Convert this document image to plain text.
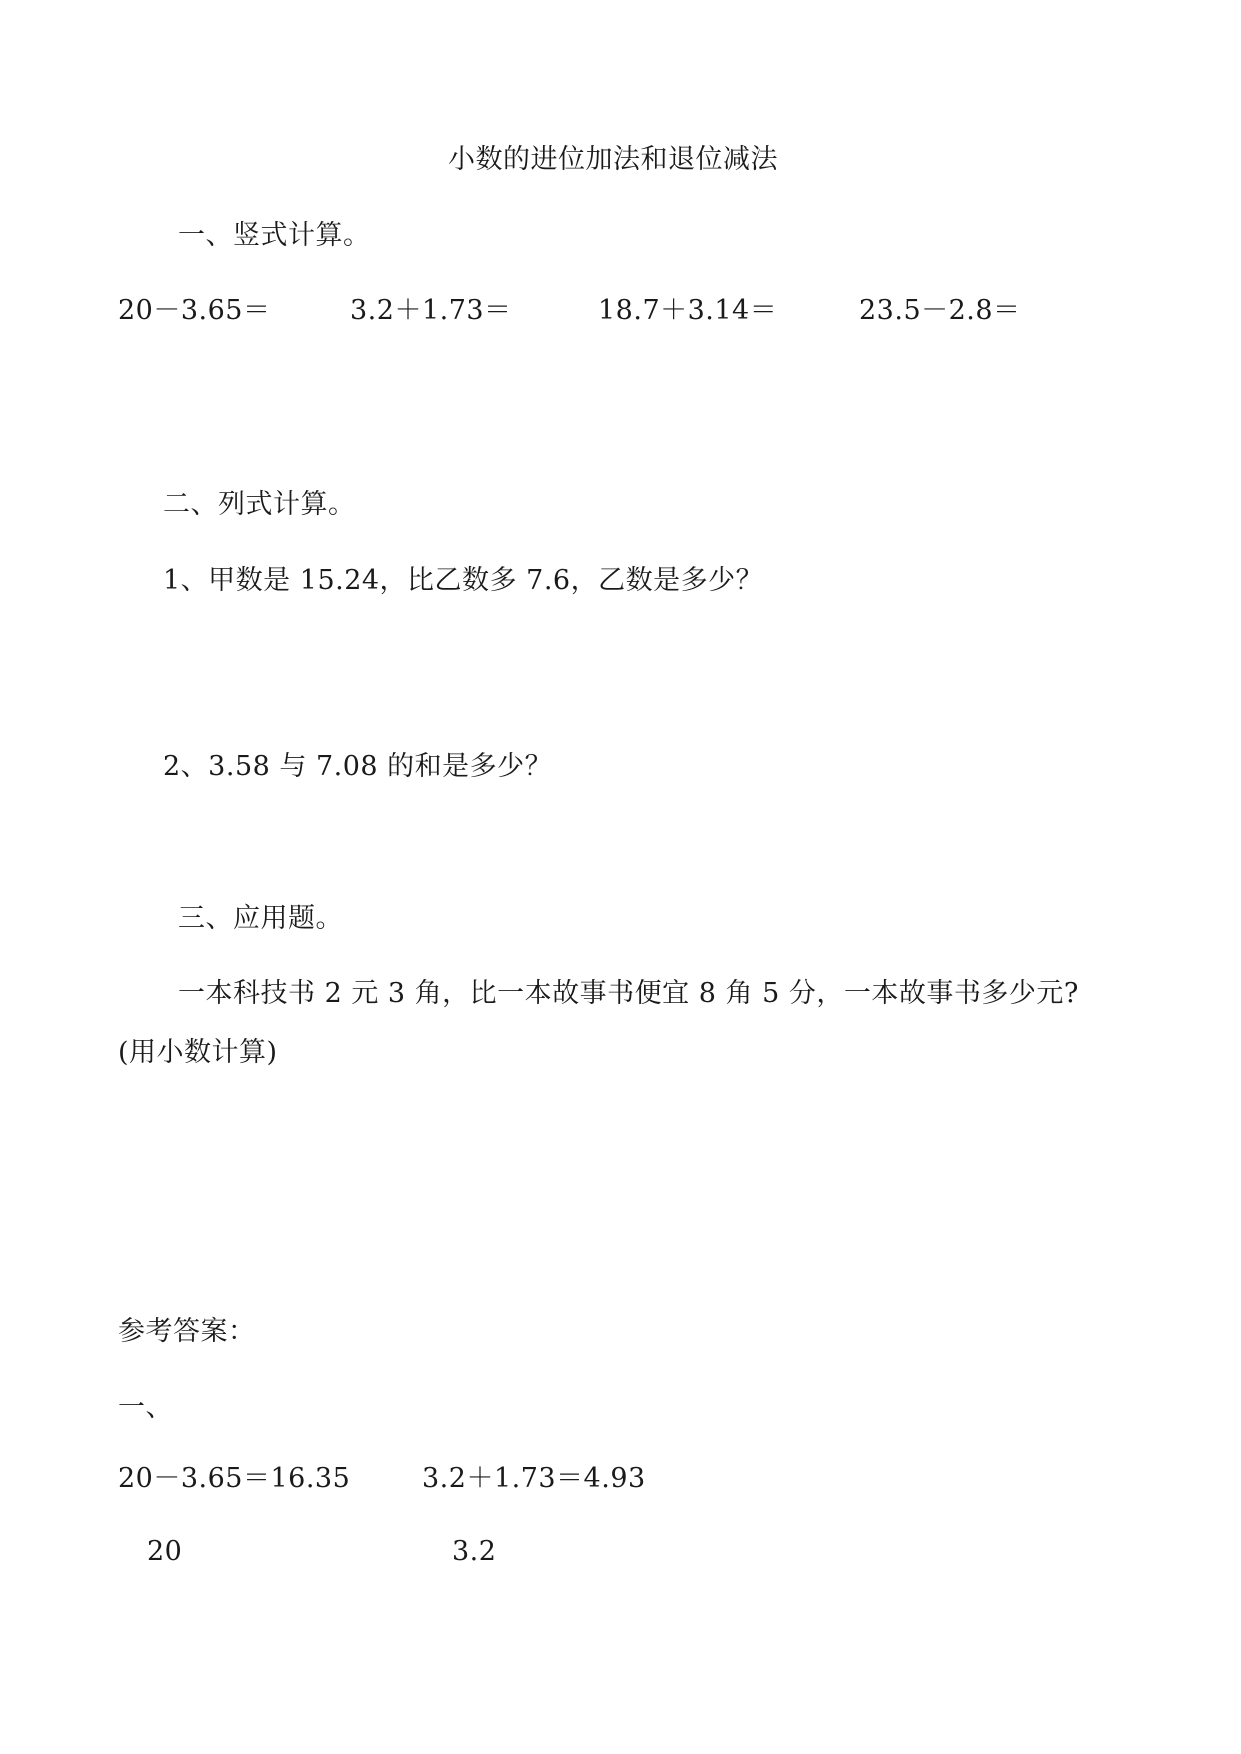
小数的进位加法和退位减法
一、竖式计算。
20－3.65＝	3.2＋1.73＝	18.7＋3.14＝	23.5－2.8＝
二、列式计算。
1、甲数是 15.24，比乙数多 7.6，乙数是多少？
2、3.58 与 7.08 的和是多少？
三、应用题。
一本科技书 2 元 3 角，比一本故事书便宜 8 角 5 分，一本故事书多少元?
(用小数计算)
参考答案：
一、
20－3.65＝16.35	3.2＋1.73＝4.93
20	3.2
